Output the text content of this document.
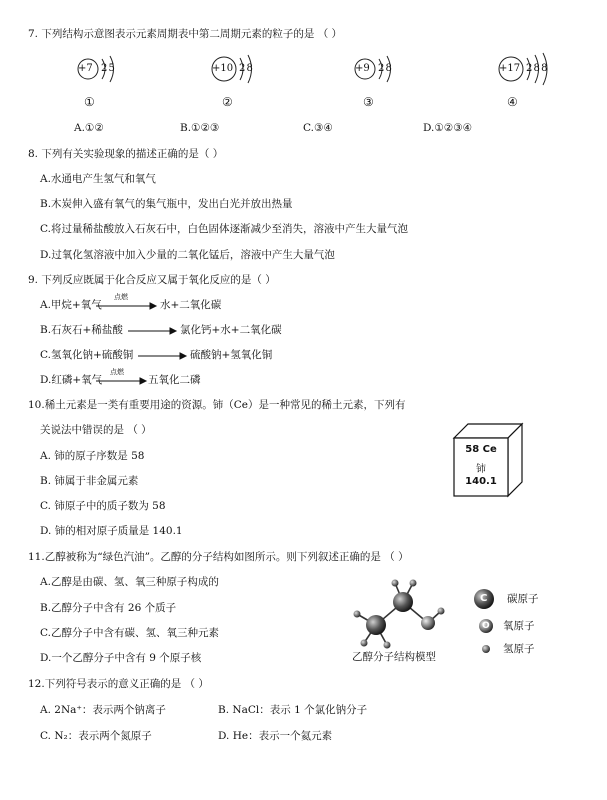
7. 下列结构示意图表示元素周期表中第二周期元素的粒子的是 （ ）
+7 2 5
①
+10 2 8
②
+9 2 8
③
+17 2 8 8
④
A.①②	B.①②③	C.③④	D.①②③④
8. 下列有关实验现象的描述正确的是（ ）
A.水通电产生氢气和氧气
B.木炭伸入盛有氧气的集气瓶中，发出白光并放出热量
C.将过量稀盐酸放入石灰石中，白色固体逐渐减少至消失，溶液中产生大量气泡
D.过氧化氢溶液中加入少量的二氧化锰后，溶液中产生大量气泡
9. 下列反应既属于化合反应又属于氧化反应的是（ ）
点燃
点燃
A.甲烷+氧气	水+二氧化碳
B.石灰石+稀盐酸	氯化钙+水+二氧化碳
C.氢氧化钠+硫酸铜	硫酸钠+氢氧化铜
D.红磷+氧气	五氧化二磷
10.稀土元素是一类有重要用途的资源。铈（Ce）是一种常见的稀土元素，下列有
关说法中错误的是 （ ）
A. 铈的原子序数是 58
B. 铈属于非金属元素
C. 铈原子中的质子数为 58
D. 铈的相对原子质量是 140.1
58 Ce
铈
140.1
11.乙醇被称为“绿色汽油”。乙醇的分子结构如图所示。则下列叙述正确的是 （ ）
A.乙醇是由碳、氢、氧三种原子构成的
B.乙醇分子中含有 26 个质子
C.乙醇分子中含有碳、氢、氧三种元素
D.一个乙醇分子中含有 9 个原子核
C
O
碳原子
氧原子
氢原子
乙醇分子结构模型
12.下列符号表示的意义正确的是 （ ）
A. 2Na⁺：表示两个钠离子	B. NaCl：表示 1 个氯化钠分子
C. N₂：表示两个氮原子	D. He：表示一个氦元素
